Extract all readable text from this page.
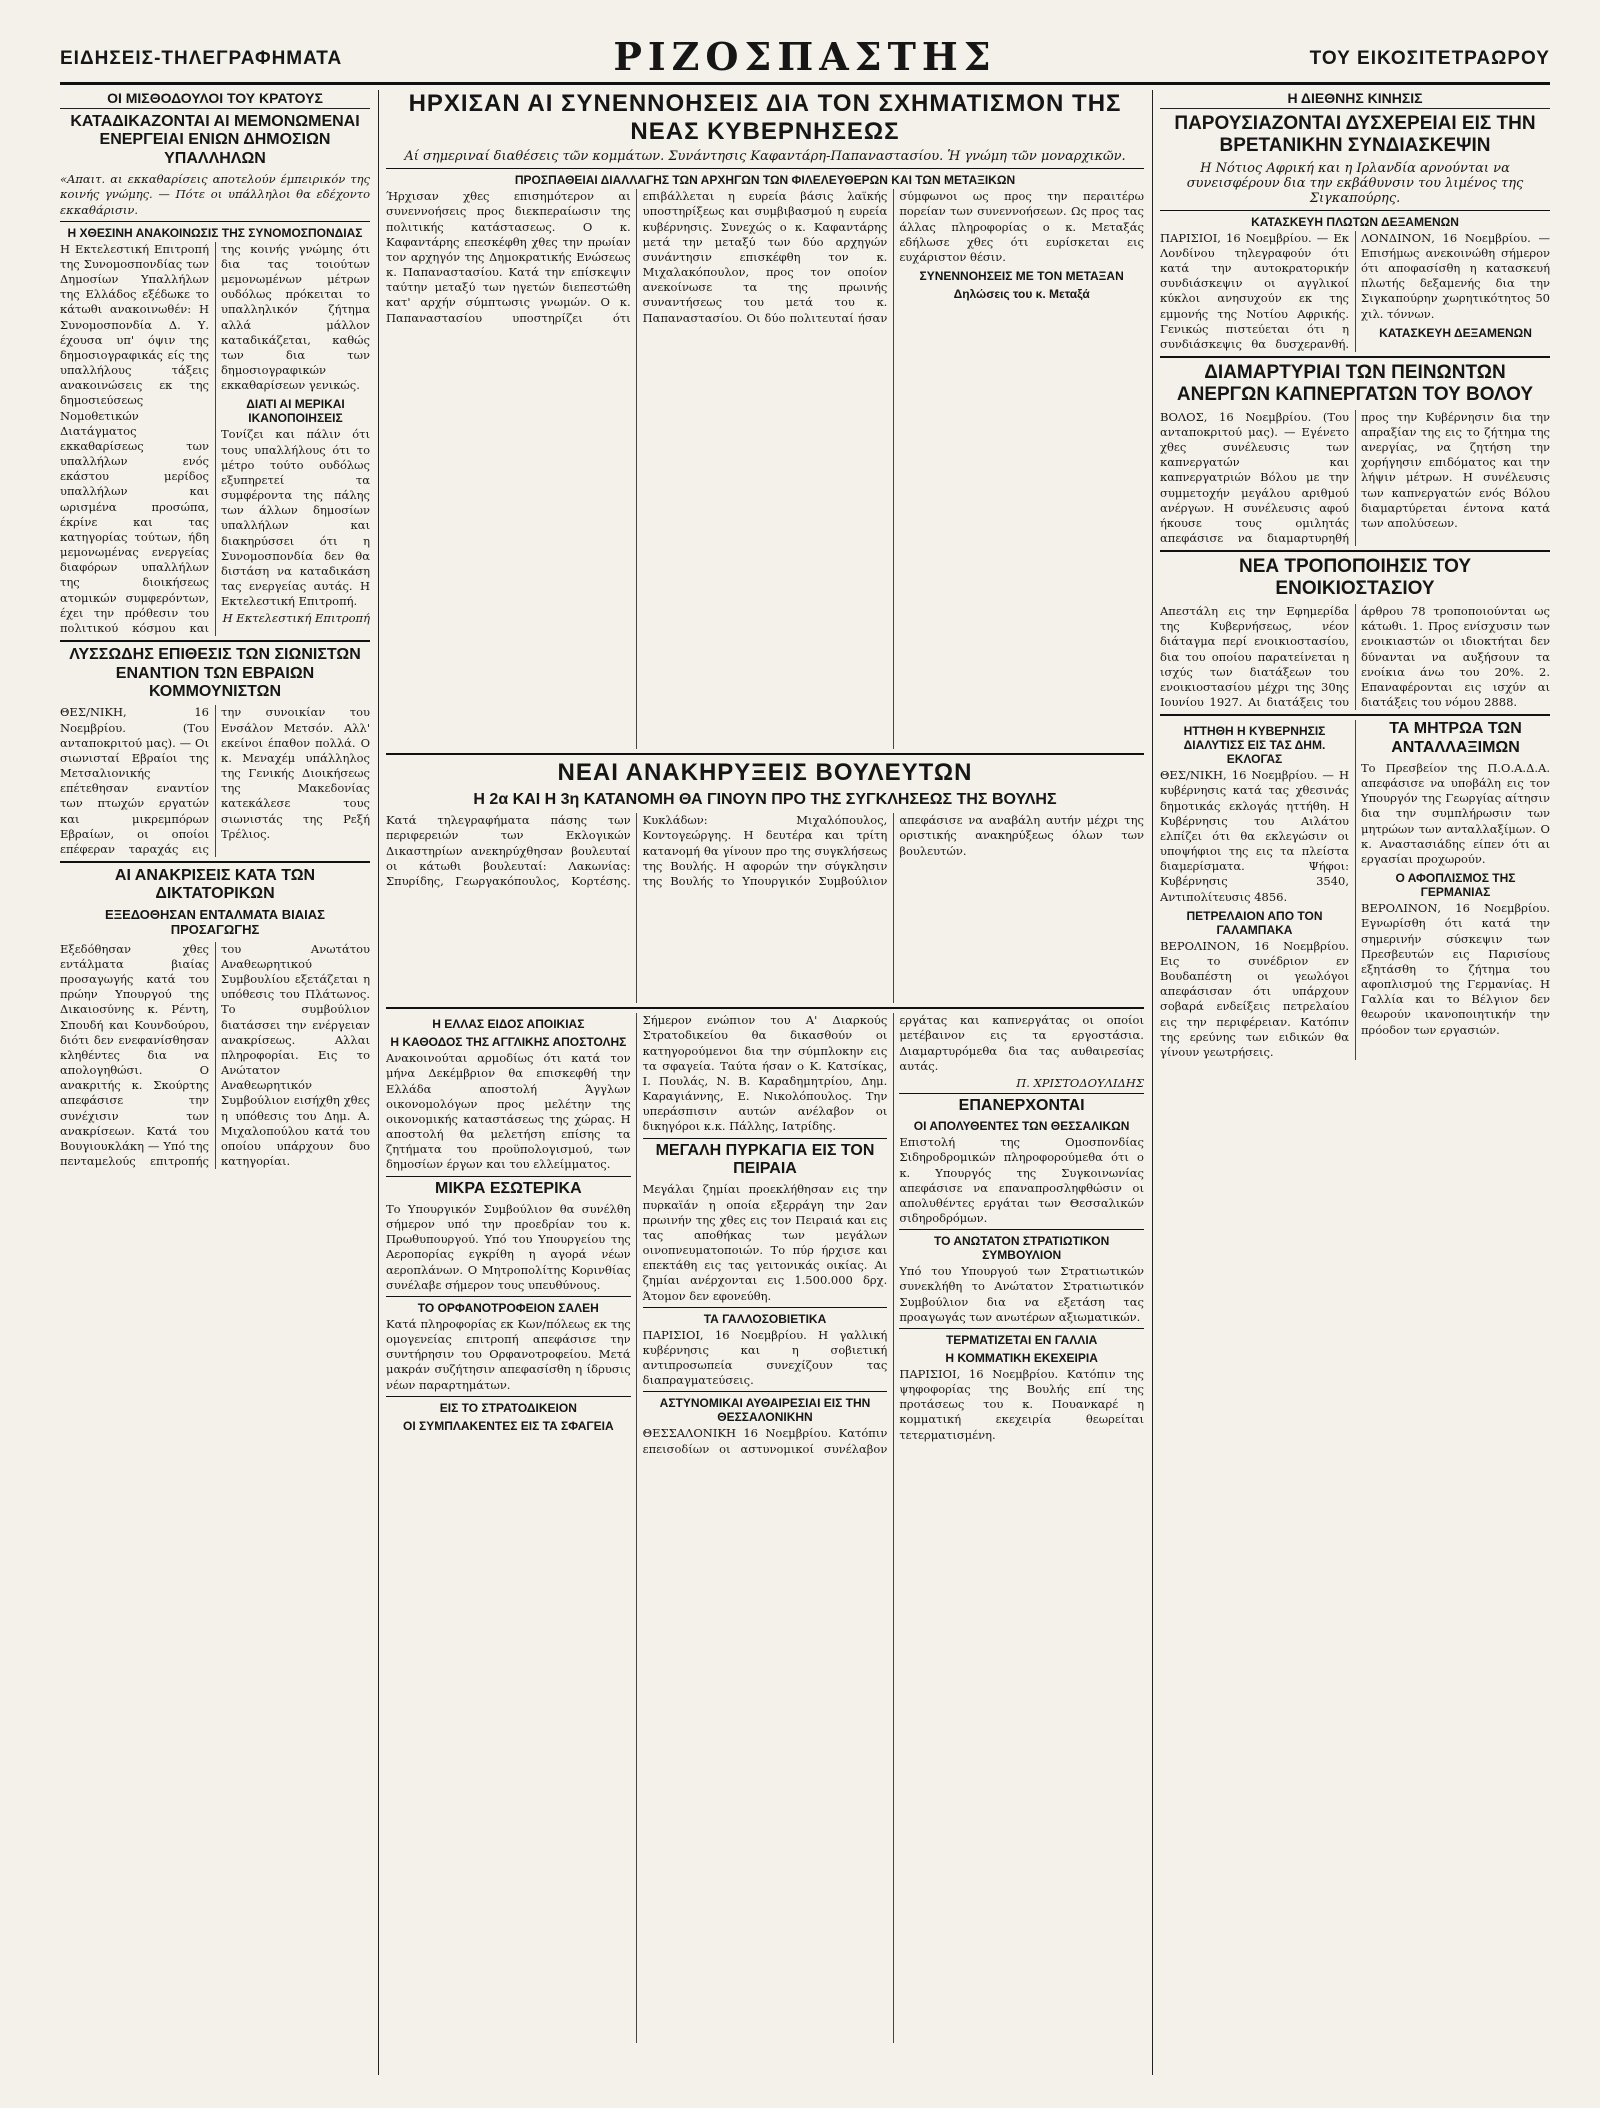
ΕΙΔΗΣΕΙΣ-ΤΗΛΕΓΡΑΦΗΜΑΤΑ	ΡΙΖΟΣΠΑΣΤΗΣ	ΤΟΥ ΕΙΚΟΣΙΤΕΤΡΑΩΡΟΥ
ΟΙ ΜΙΣΘΟΔΟΥΛΟΙ ΤΟΥ ΚΡΑΤΟΥΣ
ΚΑΤΑΔΙΚΑΖΟΝΤΑΙ ΑΙ ΜΕΜΟΝΩΜΕΝΑΙ ΕΝΕΡΓΕΙΑΙ ΕΝΙΩΝ ΔΗΜΟΣΙΩΝ ΥΠΑΛΛΗΛΩΝ

«Απαιτ. αι εκκαθαρίσεις αποτελούν έμπειρικόν της κοινής γνώμης. — Πότε οι υπάλληλοι θα εδέχοντο εκκαθάρισιν.

Η ΧΘΕΣΙΝΗ ΑΝΑΚΟΙΝΩΣΙΣ ΤΗΣ ΣΥΝΟΜΟΣΠΟΝΔΙΑΣ

Η Εκτελεστική Επιτροπή της Συνομοσπονδίας των Δημοσίων Υπαλλήλων της Ελλάδος εξέδωκε το κάτωθι ανακοινωθέν: Η Συνομοσπονδία Δ. Υ. έχουσα υπ' όψιν της δημοσιογραφικάς είς της υπαλλήλους τάξεις ανακοινώσεις εκ της δημοσιεύσεως Νομοθετικών Διατάγματος εκκαθαρίσεως των υπαλλήλων ενός εκάστου μερίδος υπαλλήλων και ωρισμένα προσώπα, έκρίνε και τας κατηγορίας τούτων, ήδη μεμονωμένας ενεργείας διαφόρων υπαλλήλων της διοικήσεως ατομικών συμφερόντων, έχει την πρόθεσιν του πολιτικού κόσμου και της κοινής γνώμης ότι δια τας τοιούτων μεμονωμένων μέτρων ουδόλως πρόκειται το υπαλληλικόν ζήτημα αλλά μάλλον καταδικάζεται, καθώς των δια των δημοσιογραφικών εκκαθαρίσεων γενικώς.

ΔΙΑΤΙ ΑΙ ΜΕΡΙΚΑΙ ΙΚΑΝΟΠΟΙΗΣΕΙΣ

Τονίζει και πάλιν ότι τους υπαλλήλους ότι το μέτρο τούτο ουδόλως εξυπηρετεί τα συμφέροντα της πάλης των άλλων δημοσίων υπαλλήλων και διακηρύσσει ότι η Συνομοσπονδία δεν θα διστάση να καταδικάση τας ενεργείας αυτάς. Η Εκτελεστική Επιτροπή.

Η Εκτελεστική Επιτροπή
ΛΥΣΣΩΔΗΣ ΕΠΙΘΕΣΙΣ ΤΩΝ ΣΙΩΝΙΣΤΩΝ ΕΝΑΝΤΙΟΝ ΤΩΝ ΕΒΡΑΙΩΝ ΚΟΜΜΟΥΝΙΣΤΩΝ

ΘΕΣ/ΝΙΚΗ, 16 Νοεμβρίου. (Του ανταποκριτού μας). — Οι σιωνισταί Εβραίοι της Μετσαλιονικής επέτεθησαν εναντίον των πτωχών εργατών και μικρεμπόρων Εβραίων, οι οποίοι επέφεραν ταραχάς εις την συνοικίαν του Ενσάλον Μετσόν. Αλλ' εκείνοι έπαθον πολλά. Ο κ. Μεναχέμ υπάλληλος της Γενικής Διοικήσεως της Μακεδονίας κατεκάλεσε τους σιωνιστάς της Ρεξή Τρέλιος.

ΑΙ ΑΝΑΚΡΙΣΕΙΣ ΚΑΤΑ ΤΩΝ ΔΙΚΤΑΤΟΡΙΚΩΝ
ΕΞΕΔΟΘΗΣΑΝ ΕΝΤΑΛΜΑΤΑ ΒΙΑΙΑΣ ΠΡΟΣΑΓΩΓΗΣ

Εξεδόθησαν χθες εντάλματα βιαίας προσαγωγής κατά του πρώην Υπουργού της Δικαιοσύνης κ. Ρέντη, Σπουδή και Κουνδούρου, διότι δεν ενεφανίσθησαν κληθέντες δια να απολογηθώσι. Ο ανακριτής κ. Σκούρτης απεφάσισε την συνέχισιν των ανακρίσεων. Κατά του Βουγιουκλάκη — Υπό της πενταμελούς επιτροπής του Ανωτάτου Αναθεωρητικού Συμβουλίου εξετάζεται η υπόθεσις του Πλάτωνος. Το συμβούλιον διατάσσει την ενέργειαν ανακρίσεως. Αλλαι πληροφορίαι. Εις το Ανώτατον Αναθεωρητικόν Συμβούλιον εισήχθη χθες η υπόθεσις του Δημ. Α. Μιχαλοπούλου κατά του οποίου υπάρχουν δυο κατηγορίαι.

ΗΡΧΙΣΑΝ ΑΙ ΣΥΝΕΝΝΟΗΣΕΙΣ ΔΙΑ ΤΟΝ ΣΧΗΜΑΤΙΣΜΟΝ ΤΗΣ ΝΕΑΣ ΚΥΒΕΡΝΗΣΕΩΣ
Αί σημεριναί διαθέσεις τῶν κομμάτων. Συνάντησις Καφαντάρη-Παπαναστασίου. Ἡ γνώμη τῶν μοναρχικῶν.
ΠΡΟΣΠΑΘΕΙΑΙ ΔΙΑΛΛΑΓΗΣ ΤΩΝ ΑΡΧΗΓΩΝ ΤΩΝ ΦΙΛΕΛΕΥΘΕΡΩΝ ΚΑΙ ΤΩΝ ΜΕΤΑΞΙΚΩΝ

Ήρχισαν χθες επισημότερον αι συνεννοήσεις προς διεκπεραίωσιν της πολιτικής κατάστασεως. Ο κ. Καφαντάρης επεσκέφθη χθες την πρωίαν τον αρχηγόν της Δημοκρατικής Ενώσεως κ. Παπαναστασίου. Κατά την επίσκεψιν ταύτην μεταξύ των ηγετών διεπεστώθη κατ' αρχήν σύμπτωσις γνωμών. Ο κ. Παπαναστασίου υποστηρίζει ότι επιβάλλεται η ευρεία βάσις λαϊκής υποστηρίξεως και συμβιβασμού η ευρεία κυβέρνησις. Συνεχώς ο κ. Καφαντάρης μετά την μεταξύ των δύο αρχηγών συνάντησιν επισκέφθη τον κ. Μιχαλακόπουλον, προς τον οποίον ανεκοίνωσε τα της πρωινής συναντήσεως του μετά του κ. Παπαναστασίου. Οι δύο πολιτευταί ήσαν σύμφωνοι ως προς την περαιτέρω πορείαν των συνεννοήσεων. Ως προς τας άλλας πληροφορίας ο κ. Μεταξάς εδήλωσε χθες ότι ευρίσκεται εις ευχάριστον θέσιν.

ΣΥΝΕΝΝΟΗΣΕΙΣ ΜΕ ΤΟΝ ΜΕΤΑΞΑΝ
Δηλώσεις του κ. Μεταξά
ΝΕΑΙ ΑΝΑΚΗΡΥΞΕΙΣ ΒΟΥΛΕΥΤΩΝ
Η 2α ΚΑΙ Η 3η ΚΑΤΑΝΟΜΗ ΘΑ ΓΙΝΟΥΝ ΠΡΟ ΤΗΣ ΣΥΓΚΛΗΣΕΩΣ ΤΗΣ ΒΟΥΛΗΣ

Κατά τηλεγραφήματα πάσης των περιφερειών των Εκλογικών Δικαστηρίων ανεκηρύχθησαν βουλευταί οι κάτωθι βουλευταί: Λακωνίας: Σπυρίδης, Γεωργακόπουλος, Κορτέσης. Κυκλάδων: Μιχαλόπουλος, Κοντογεώργης. Η δευτέρα και τρίτη κατανομή θα γίνουν προ της συγκλήσεως της Βουλής. Η αφορών την σύγκλησιν της Βουλής το Υπουργικόν Συμβούλιον απεφάσισε να αναβάλη αυτήν μέχρι της οριστικής ανακηρύξεως όλων των βουλευτών.

Η ΕΛΛΑΣ ΕΙΔΟΣ ΑΠΟΙΚΙΑΣ
Η ΚΑΘΟΔΟΣ ΤΗΣ ΑΓΓΛΙΚΗΣ ΑΠΟΣΤΟΛΗΣ

Ανακοινούται αρμοδίως ότι κατά τον μήνα Δεκέμβριον θα επισκεφθή την Ελλάδα αποστολή Άγγλων οικονομολόγων προς μελέτην της οικονομικής καταστάσεως της χώρας. Η αποστολή θα μελετήση επίσης τα ζητήματα του προϋπολογισμού, των δημοσίων έργων και του ελλείμματος.

ΜΙΚΡΑ ΕΣΩΤΕΡΙΚΑ

Το Υπουργικόν Συμβούλιον θα συνέλθη σήμερον υπό την προεδρίαν του κ. Πρωθυπουργού. Υπό του Υπουργείου της Αεροπορίας εγκρίθη η αγορά νέων αεροπλάνων. Ο Μητροπολίτης Κορινθίας συνέλαβε σήμερον τους υπευθύνους.

ΤΟ ΟΡΦΑΝΟΤΡΟΦΕΙΟΝ ΣΑΛΕΗ

Κατά πληροφορίας εκ Κων/πόλεως εκ της ομογενείας επιτροπή απεφάσισε την συντήρησιν του Ορφανοτροφείου. Μετά μακράν συζήτησιν απεφασίσθη η ίδρυσις νέων παραρτημάτων.

ΕΙΣ ΤΟ ΣΤΡΑΤΟΔΙΚΕΙΟΝ
ΟΙ ΣΥΜΠΛΑΚΕΝΤΕΣ ΕΙΣ ΤΑ ΣΦΑΓΕΙΑ

Σήμερον ενώπιον του Α' Διαρκούς Στρατοδικείου θα δικασθούν οι κατηγορούμενοι δια την σύμπλοκην εις τα σφαγεία. Ταύτα ήσαν ο Κ. Κατσίκας, Ι. Πουλάς, Ν. Β. Καραδημητρίου, Δημ. Καραγιάννης, Ε. Νικολόπουλος. Την υπεράσπισιν αυτών ανέλαβον οι δικηγόροι κ.κ. Πάλλης, Ιατρίδης.

ΜΕΓΑΛΗ ΠΥΡΚΑΓΙΑ ΕΙΣ ΤΟΝ ΠΕΙΡΑΙΑ

Μεγάλαι ζημίαι προεκλήθησαν εις την πυρκαϊάν η οποία εξερράγη την 2αν πρωινήν της χθες εις τον Πειραιά και εις τας αποθήκας των μεγάλων οινοπνευματοποιών. Το πύρ ήρχισε και επεκτάθη εις τας γειτονικάς οικίας. Αι ζημίαι ανέρχονται εις 1.500.000 δρχ. Άτομον δεν εφονεύθη.

ΤΑ ΓΑΛΛΟΣΟΒΙΕΤΙΚΑ

ΠΑΡΙΣΙΟΙ, 16 Νοεμβρίου. Η γαλλική κυβέρνησις και η σοβιετική αντιπροσωπεία συνεχίζουν τας διαπραγματεύσεις.

ΑΣΤΥΝΟΜΙΚΑΙ ΑΥΘΑΙΡΕΣΙΑΙ ΕΙΣ ΤΗΝ ΘΕΣΣΑΛΟΝΙΚΗΝ

ΘΕΣΣΑΛΟΝΙΚΗ 16 Νοεμβρίου. Κατόπιν επεισοδίων οι αστυνομικοί συνέλαβον εργάτας και καπνεργάτας οι οποίοι μετέβαινον εις τα εργοστάσια. Διαμαρτυρόμεθα δια τας αυθαιρεσίας αυτάς.

Π. ΧΡΙΣΤΟΔΟΥΛΙΔΗΣ
ΕΠΑΝΕΡΧΟΝΤΑΙ
ΟΙ ΑΠΟΛΥΘΕΝΤΕΣ ΤΩΝ ΘΕΣΣΑΛΙΚΩΝ

Επιστολή της Ομοσπονδίας Σιδηροδρομικών πληροφορούμεθα ότι ο κ. Υπουργός της Συγκοινωνίας απεφάσισε να επαναπροσληφθώσιν οι απολυθέντες εργάται των Θεσσαλικών σιδηροδρόμων.

ΤΟ ΑΝΩΤΑΤΟΝ ΣΤΡΑΤΙΩΤΙΚΟΝ ΣΥΜΒΟΥΛΙΟΝ

Υπό του Υπουργού των Στρατιωτικών συνεκλήθη το Ανώτατον Στρατιωτικόν Συμβούλιον δια να εξετάση τας προαγωγάς των ανωτέρων αξιωματικών.

ΤΕΡΜΑΤΙΖΕΤΑΙ ΕΝ ΓΑΛΛΙΑ
Η ΚΟΜΜΑΤΙΚΗ ΕΚΕΧΕΙΡΙΑ

ΠΑΡΙΣΙΟΙ, 16 Νοεμβρίου. Κατόπιν της ψηφοφορίας της Βουλής επί της προτάσεως του κ. Πουανκαρέ η κομματική εκεχειρία θεωρείται τετερματισμένη.

Η ΔΙΕΘΝΗΣ ΚΙΝΗΣΙΣ
ΠΑΡΟΥΣΙΑΖΟΝΤΑΙ ΔΥΣΧΕΡΕΙΑΙ ΕΙΣ ΤΗΝ ΒΡΕΤΑΝΙΚΗΝ ΣΥΝΔΙΑΣΚΕΨΙΝ
Η Νότιος Αφρική και η Ιρλανδία αρνούνται να συνεισφέρουν δια την εκβάθυνσιν του λιμένος της Σιγκαπούρης.
ΚΑΤΑΣΚΕΥΗ ΠΛΩΤΩΝ ΔΕΞΑΜΕΝΩΝ

ΠΑΡΙΣΙΟΙ, 16 Νοεμβρίου. — Εκ Λονδίνου τηλεγραφούν ότι κατά την αυτοκρατορικήν συνδιάσκεψιν οι αγγλικοί κύκλοι ανησυχούν εκ της εμμονής της Νοτίου Αφρικής. Γενικώς πιστεύεται ότι η συνδιάσκεψις θα δυσχερανθή. ΛΟΝΔΙΝΟΝ, 16 Νοεμβρίου. — Επισήμως ανεκοινώθη σήμερον ότι αποφασίσθη η κατασκευή πλωτής δεξαμενής δια την Σιγκαπούρην χωρητικότητος 50 χιλ. τόννων.

ΚΑΤΑΣΚΕΥΗ ΔΕΞΑΜΕΝΩΝ
ΔΙΑΜΑΡΤΥΡΙΑΙ ΤΩΝ ΠΕΙΝΩΝΤΩΝ ΑΝΕΡΓΩΝ ΚΑΠΝΕΡΓΑΤΩΝ ΤΟΥ ΒΟΛΟΥ

ΒΟΛΟΣ, 16 Νοεμβρίου. (Του ανταποκριτού μας). — Εγένετο χθες συνέλευσις των καπνεργατών και καπνεργατριών Βόλου με την συμμετοχήν μεγάλου αριθμού ανέργων. Η συνέλευσις αφού ήκουσε τους ομιλητάς απεφάσισε να διαμαρτυρηθή προς την Κυβέρνησιν δια την απραξίαν της εις το ζήτημα της ανεργίας, να ζητήση την χορήγησιν επιδόματος και την λήψιν μέτρων. Η συνέλευσις των καπνεργατών ενός Βόλου διαμαρτύρεται έντονα κατά των απολύσεων.

ΝΕΑ ΤΡΟΠΟΠΟΙΗΣΙΣ ΤΟΥ ΕΝΟΙΚΙΟΣΤΑΣΙΟΥ

Απεστάλη εις την Εφημερίδα της Κυβερνήσεως, νέον διάταγμα περί ενοικιοστασίου, δια του οποίου παρατείνεται η ισχύς των διατάξεων του ενοικιοστασίου μέχρι της 30ης Ιουνίου 1927. Αι διατάξεις του άρθρου 78 τροποποιούνται ως κάτωθι. 1. Προς ενίσχυσιν των ενοικιαστών οι ιδιοκτήται δεν δύνανται να αυξήσουν τα ενοίκια άνω του 20%. 2. Επαναφέρονται εις ισχύν αι διατάξεις του νόμου 2888.

ΗΤΤΗΘΗ Η ΚΥΒΕΡΝΗΣΙΣ ΔΙΑΛΥΤΙΣΣ ΕΙΣ ΤΑΣ ΔΗΜ. ΕΚΛΟΓΑΣ

ΘΕΣ/ΝΙΚΗ, 16 Νοεμβρίου. — Η κυβέρνησις κατά τας χθεσινάς δημοτικάς εκλογάς ηττήθη. Η Κυβέρνησις του Αιλάτου ελπίζει ότι θα εκλεγώσιν οι υποψήφιοι της εις τα πλείστα διαμερίσματα. Ψήφοι: Κυβέρνησις 3540, Αντιπολίτευσις 4856.

ΠΕΤΡΕΛΑΙΟΝ ΑΠΟ ΤΟΝ ΓΑΛΑΜΠΑΚΑ

ΒΕΡΟΛΙΝΟΝ, 16 Νοεμβρίου. Εις το συνέδριον εν Βουδαπέστη οι γεωλόγοι απεφάσισαν ότι υπάρχουν σοβαρά ενδείξεις πετρελαίου εις την περιφέρειαν. Κατόπιν της ερεύνης των ειδικών θα γίνουν γεωτρήσεις.

ΤΑ ΜΗΤΡΩΑ ΤΩΝ ΑΝΤΑΛΛΑΞΙΜΩΝ

Το Πρεσβείον της Π.Ο.Α.Δ.Α. απεφάσισε να υποβάλη εις τον Υπουργόν της Γεωργίας αίτησιν δια την συμπλήρωσιν των μητρώων των ανταλλαξίμων. Ο κ. Αναστασιάδης είπεν ότι αι εργασίαι προχωρούν.

Ο ΑΦΟΠΛΙΣΜΟΣ ΤΗΣ ΓΕΡΜΑΝΙΑΣ

ΒΕΡΟΛΙΝΟΝ, 16 Νοεμβρίου. Εγνωρίσθη ότι κατά την σημερινήν σύσκεψιν των Πρεσβευτών εις Παρισίους εξητάσθη το ζήτημα του αφοπλισμού της Γερμανίας. Η Γαλλία και το Βέλγιον δεν θεωρούν ικανοποιητικήν την πρόοδον των εργασιών.
